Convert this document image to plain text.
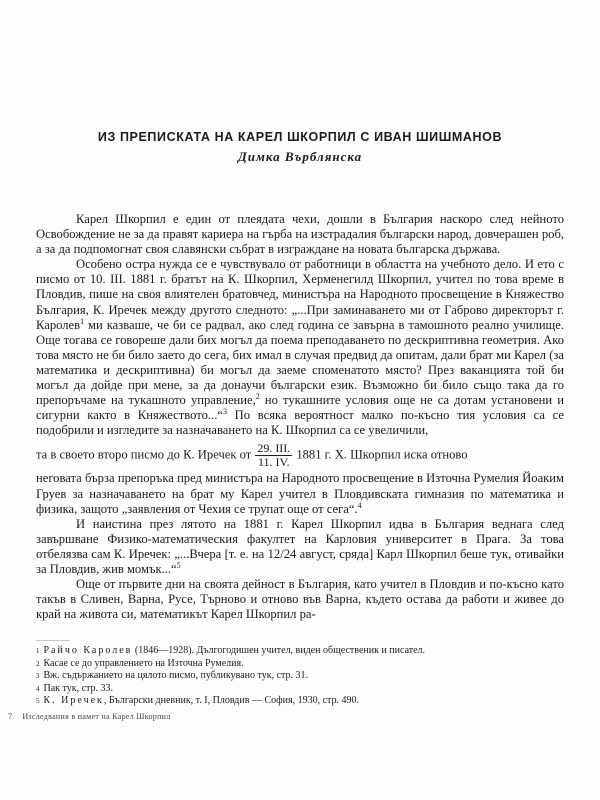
ИЗ ПРЕПИСКАТА НА КАРЕЛ ШКОРПИЛ С ИВАН ШИШМАНОВ
Димка Върблянска

Карел Шкорпил е един от плеядата чехи, дошли в България наскоро след нейното Освобождение не за да правят кариера на гърба на изстрадалия български народ, довчерашен роб, а за да подпомогнат своя славянски събрат в изграждане на новата българска държава.

Особено остра нужда се е чувствувало от работници в областта на учебното дело. И ето с писмо от 10. III. 1881 г. братът на К. Шкорпил, Херменегилд Шкорпил, учител по това време в Пловдив, пише на своя влиятелен братовчед, министъра на Народното просвещение в Княжество България, К. Иречек между другото следното: „...При заминаването ми от Габрово директорът г. Каролев$^1$ ми казваше, че би се радвал, ако след година се завърна в тамошното реално училище. Още тогава се говореше дали бих могъл да поема преподаването по дескриптивна геометрия. Ако това място не би било заето до сега, бих имал в случая предвид да опитам, дали брат ми Карел (за математика и дескриптивна) би могъл да заеме споменатото място? През ваканцията той би могъл да дойде при мене, за да донаучи български език. Възможно би било също така да го препоръчаме на тукашното управление,$^2$ но тукашните условия още не са дотам установени и сигурни както в Княжеството...“$^3$ По всяка вероятност малко по-късно тия условия са се подобрили и изгледите за назначаването на К. Шкорпил са се увеличили,

та в своето второ писмо до К. Иречек от $\frac{\text{29. III.}}{11. IV.} 1881$ г. Х. Шкорпил иска отново

неговата бърза препоръка пред министъра на Народното просвещение в Източна Румелия Йоаким Груев за назначаването на брат му Карел учител в Пловдивската гимназия по математика и физика, защото „заявления от Чехия се трупат още от сега“.$^4$

И наистина през лятото на 1881 г. Карел Шкорпил идва в България веднага след завършване Физико-математическия факултет на Карловия университет в Прага. За това отбелязва сам К. Иречек: „...Вчера [т. е. на 12/24 август, сряда] Карл Шкорпил беше тук, отивайки за Пловдив, жив момък...“$^5$

Още от първите дни на своята дейност в България, като учител в Пловдив и по-късно като такъв в Сливен, Варна, Русе, Търново и отново във Варна, където остава да работи и живее до край на живота си, математикът Карел Шкорпил ра-

$^1$ Райчо Каролев (1846—1928). Дългогодишен учител, виден общественик и писател.
$^2$ Касае се до управлението на Източна Румелия.
$^3$ Вж. съдържанието на цялото писмо, публикувано тук, стр. 31.
$^4$ Пак тук, стр. 33.
$^5$ К. Иречек, Български дневник, т. I, Пловдив — София, 1930, стр. 490.
7 Изследвания в памет на Карел Шкорпил
